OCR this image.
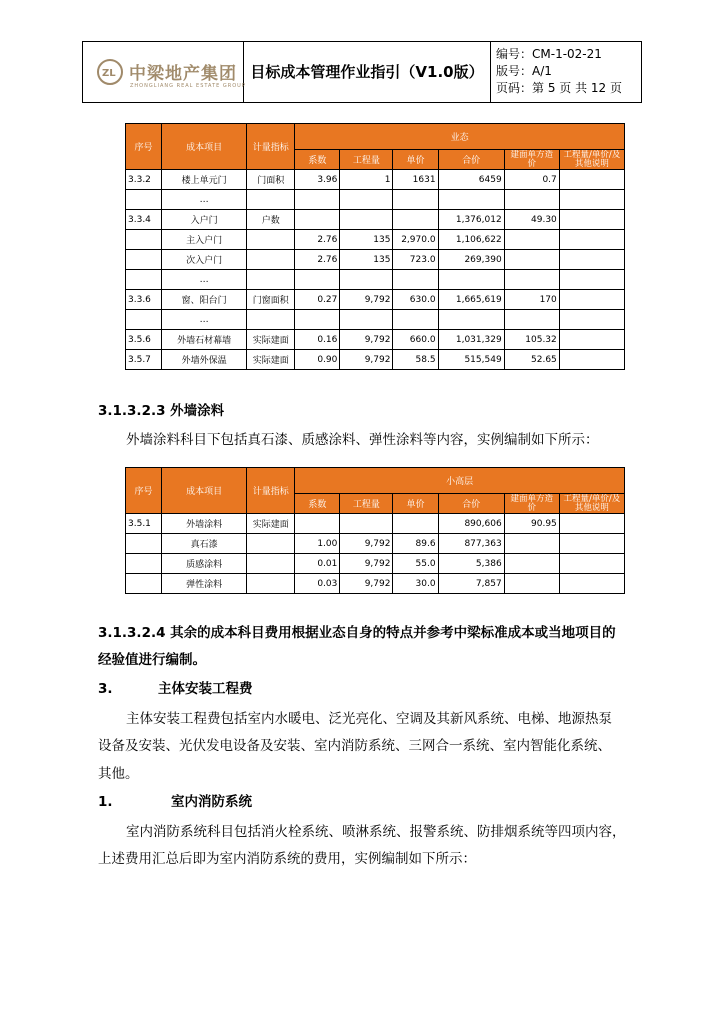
ZL 中梁地产集团
ZHONGLIANG REAL ESTATE GROUP
目标成本管理作业指引（V1.0版）
编号：CM-1-02-21
版号：A/1
页码：第 5 页 共 12 页
序号	成本项目	计量指标	业态					
			系数	工程量	单价	合价	建面单方造价	工程量/单价/及其他说明
3.3.2	楼上单元门	门面积	3.96	1	1631	6459	0.7	
	…							
3.3.4	入户门	户数				1,376,012	49.30	
	主入户门		2.76	135	2,970.0	1,106,622		
	次入户门		2.76	135	723.0	269,390		
	…							
3.3.6	窗、阳台门	门窗面积	0.27	9,792	630.0	1,665,619	170	
	…							
3.5.6	外墙石材幕墙	实际建面	0.16	9,792	660.0	1,031,329	105.32	
3.5.7	外墙外保温	实际建面	0.90	9,792	58.5	515,549	52.65	
3.1.3.2.3 外墙涂料
外墙涂料科目下包括真石漆、质感涂料、弹性涂料等内容，实例编制如下所示：
序号	成本项目	计量指标	小高层					
			系数	工程量	单价	合价	建面单方造价	工程量/单价/及其他说明
3.5.1	外墙涂料	实际建面				890,606	90.95	
	真石漆		1.00	9,792	89.6	877,363		
	质感涂料		0.01	9,792	55.0	5,386		
	弹性涂料		0.03	9,792	30.0	7,857		
3.1.3.2.4 其余的成本科目费用根据业态自身的特点并参考中梁标准成本或当地项目的
经验值进行编制。
3.	主体安装工程费
主体安装工程费包括室内水暖电、泛光亮化、空调及其新风系统、电梯、地源热泵
设备及安装、光伏发电设备及安装、室内消防系统、三网合一系统、室内智能化系统、
其他。
1.	室内消防系统
室内消防系统科目包括消火栓系统、喷淋系统、报警系统、防排烟系统等四项内容，
上述费用汇总后即为室内消防系统的费用，实例编制如下所示：
